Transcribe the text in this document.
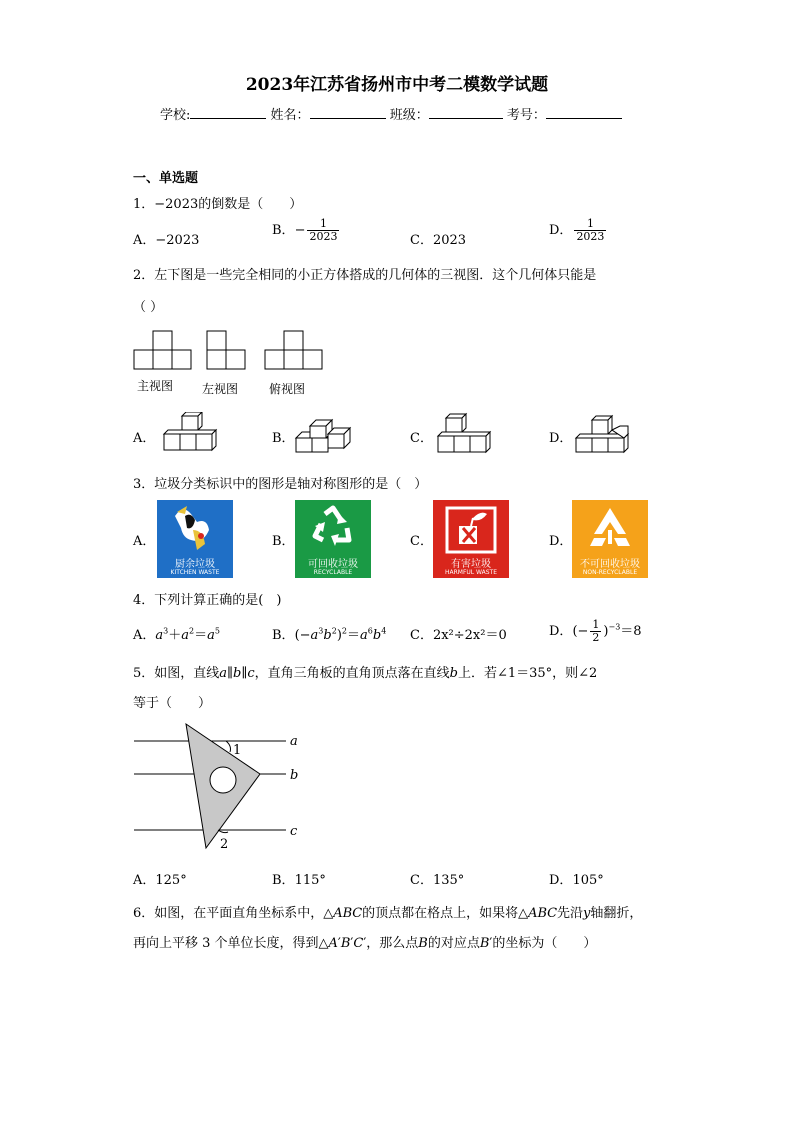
2023年江苏省扬州市中考二模数学试题
学校:	姓名：	班级：	考号：
一、单选题
1．−2023的倒数是（　　）
A．−2023
B．− $\frac{1}{2023}$	C．2023
D． $\frac{1}{2023}$
2．左下图是一些完全相同的小正方体搭成的几何体的三视图．这个几何体只能是
（ ）
主视图 左视图	俯视图
A．	B．	C．	D．
3．垃圾分类标识中的图形是轴对称图形的是（　）
A．
厨余垃圾
KITCHEN WASTE
B．
可回收垃圾
RECYCLABLE
C．
有害垃圾
HARMFUL WASTE
D．
不可回收垃圾
NON-RECYCLABLE
4．下列计算正确的是(　)
A．$a^3+a^2=a^5$	B．$(-a^3b^2)^2=a^6b^4$ C．2x²÷2x²＝0	D．(− $\frac{1}{2} )^{-3}=8$
5．如图，直线𝑎∥𝑏∥𝑐，直角三角板的直角顶点落在直线𝑏上．若∠1＝35°，则∠2
等于（　　）
1
2
a
b
c
A．125°	B．115°	C．135°	D．105°
6．如图，在平面直角坐标系中，△𝐴𝐵𝐶的顶点都在格点上，如果将△𝐴𝐵𝐶先沿𝑦轴翻折，
再向上平移 3 个单位长度，得到△𝐴′𝐵′𝐶′，那么点𝐵的对应点𝐵′的坐标为（　　）
